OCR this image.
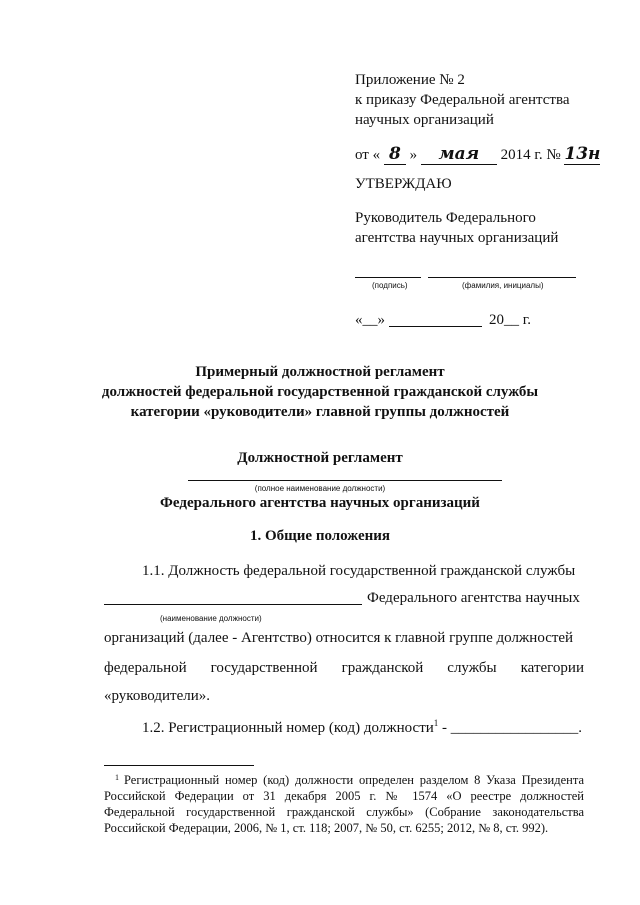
Приложение № 2
к приказу Федеральной агентства
научных организаций
от « 8 » мая 2014 г. № 13н
УТВЕРЖДАЮ
Руководитель Федерального
агентства научных организаций
(подпись)	(фамилия, инициалы)
«__»	20__ г.
Примерный должностной регламент
должностей федеральной государственной гражданской службы
категории «руководители» главной группы должностей
Должностной регламент
(полное наименование должности)
Федерального агентства научных организаций
1. Общие положения
1.1. Должность федеральной государственной гражданской службы
Федерального агентства научных
(наименование должности)
организаций (далее - Агентство) относится к главной группе должностей
федеральной государственной гражданской службы категории
«руководители».
1.2. Регистрационный номер (код) должности$^1$ - _________________.
$^1$ Регистрационный номер (код) должности определен разделом 8 Указа Президента
Российской Федерации от 31 декабря 2005 г. № 1574 «О реестре должностей
Федеральной государственной гражданской службы» (Собрание законодательства
Российской Федерации, 2006, № 1, ст. 118; 2007, № 50, ст. 6255; 2012, № 8, ст. 992).
